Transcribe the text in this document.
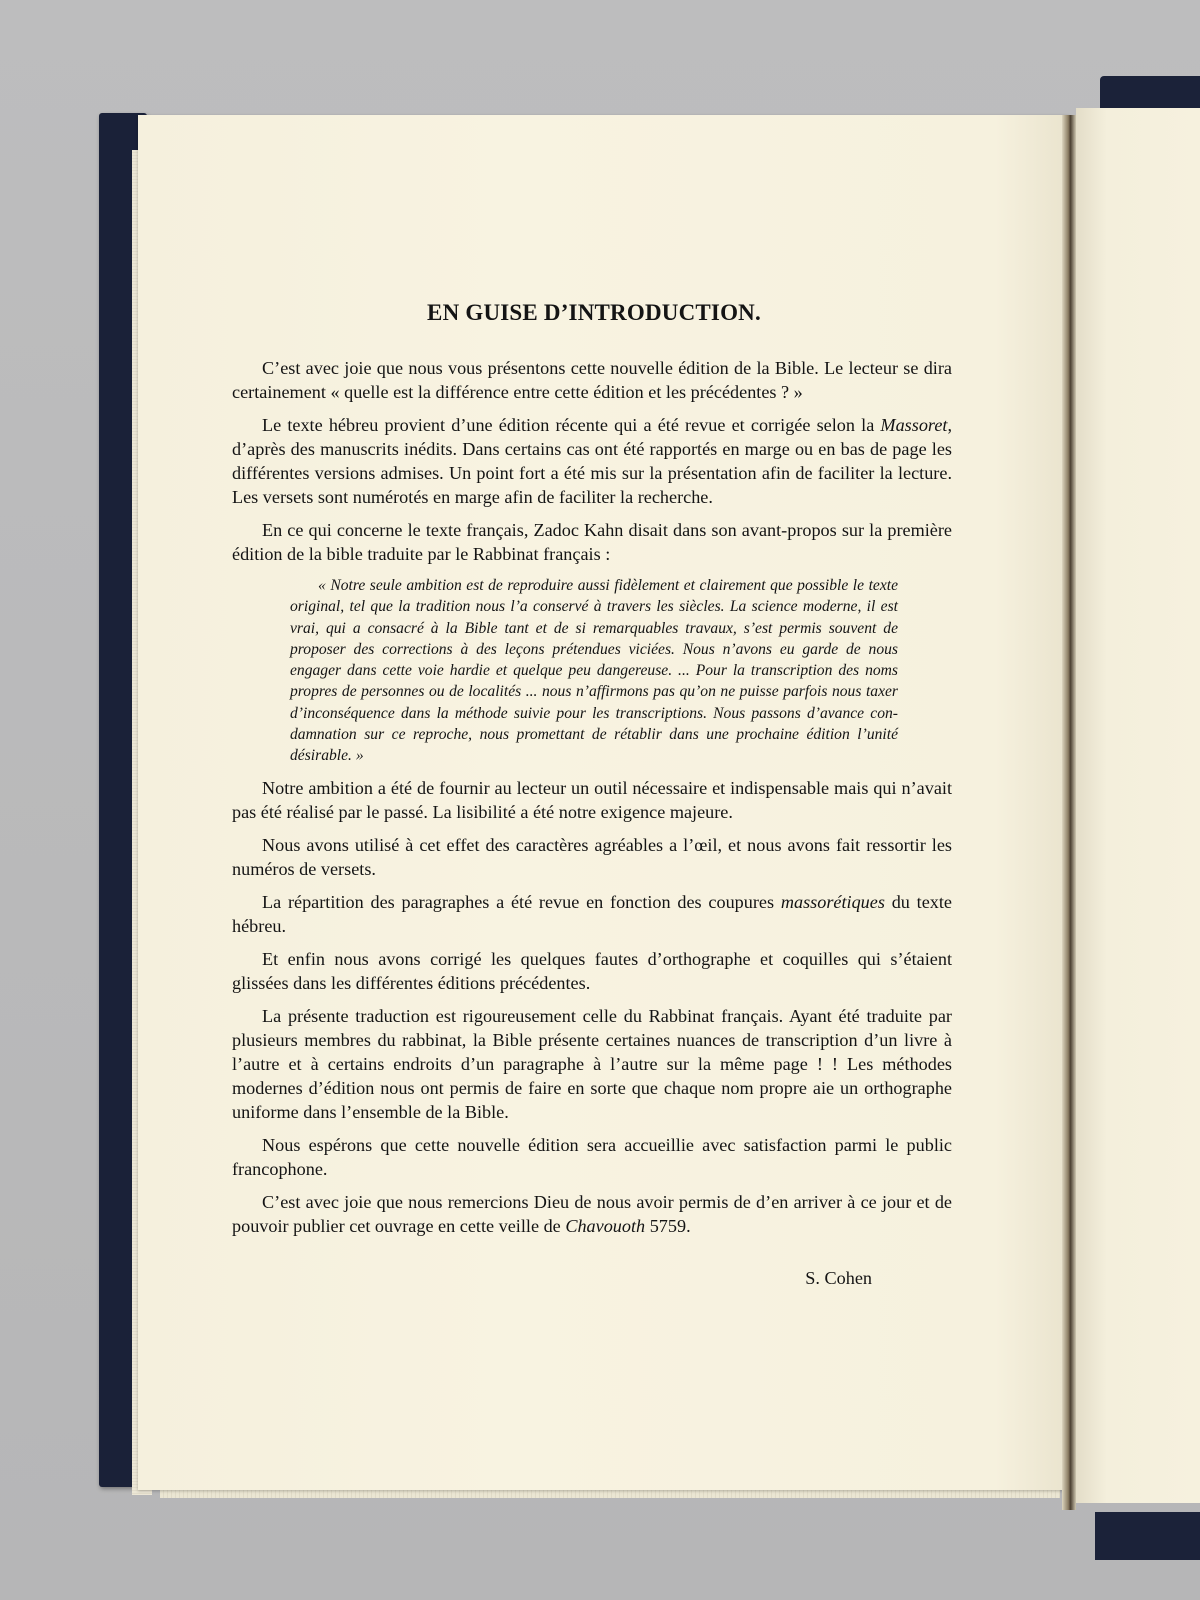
EN GUISE D’INTRODUCTION.

C’est avec joie que nous vous présentons cette nouvelle édition de la Bible. Le lecteur se dira certainement « quelle est la différence entre cette édition et les précédentes ? »

Le texte hébreu provient d’une édition récente qui a été revue et corrigée selon la Massoret, d’après des manuscrits inédits. Dans certains cas ont été rapportés en marge ou en bas de page les différentes versions admises. Un point fort a été mis sur la présentation afin de faciliter la lecture. Les versets sont numérotés en marge afin de faciliter la recherche.

En ce qui concerne le texte français, Zadoc Kahn disait dans son avant-propos sur la première édition de la bible traduite par le Rabbinat français :

« Notre seule ambition est de reproduire aussi fidèlement et clairement que possible le texte original, tel que la tradition nous l’a conservé à travers les siècles. La science moderne, il est vrai, qui a consacré à la Bible tant et de si remarquables travaux, s’est permis souvent de proposer des corrections à des leçons prétendues viciées. Nous n’avons eu garde de nous engager dans cette voie hardie et quelque peu dangereuse. ... Pour la transcription des noms propres de personnes ou de localités ... nous n’affirmons pas qu’on ne puisse parfois nous taxer d’inconséquence dans la méthode suivie pour les transcriptions. Nous passons d’avance condamnation sur ce reproche, nous promettant de rétablir dans une prochaine édition l’unité désirable. »

Notre ambition a été de fournir au lecteur un outil nécessaire et indispensable mais qui n’avait pas été réalisé par le passé. La lisibilité a été notre exigence majeure.

Nous avons utilisé à cet effet des caractères agréables a l’œil, et nous avons fait ressortir les numéros de versets.

La répartition des paragraphes a été revue en fonction des coupures massorétiques du texte hébreu.

Et enfin nous avons corrigé les quelques fautes d’orthographe et coquilles qui s’étaient glissées dans les différentes éditions précédentes.

La présente traduction est rigoureusement celle du Rabbinat français. Ayant été traduite par plusieurs membres du rabbinat, la Bible présente certaines nuances de transcription d’un livre à l’autre et à certains endroits d’un paragraphe à l’autre sur la même page ! ! Les méthodes modernes d’édition nous ont permis de faire en sorte que chaque nom propre aie un orthographe uniforme dans l’ensemble de la Bible.

Nous espérons que cette nouvelle édition sera accueillie avec satisfaction parmi le public francophone.

C’est avec joie que nous remercions Dieu de nous avoir permis de d’en arriver à ce jour et de pouvoir publier cet ouvrage en cette veille de Chavouoth 5759.

S. Cohen
